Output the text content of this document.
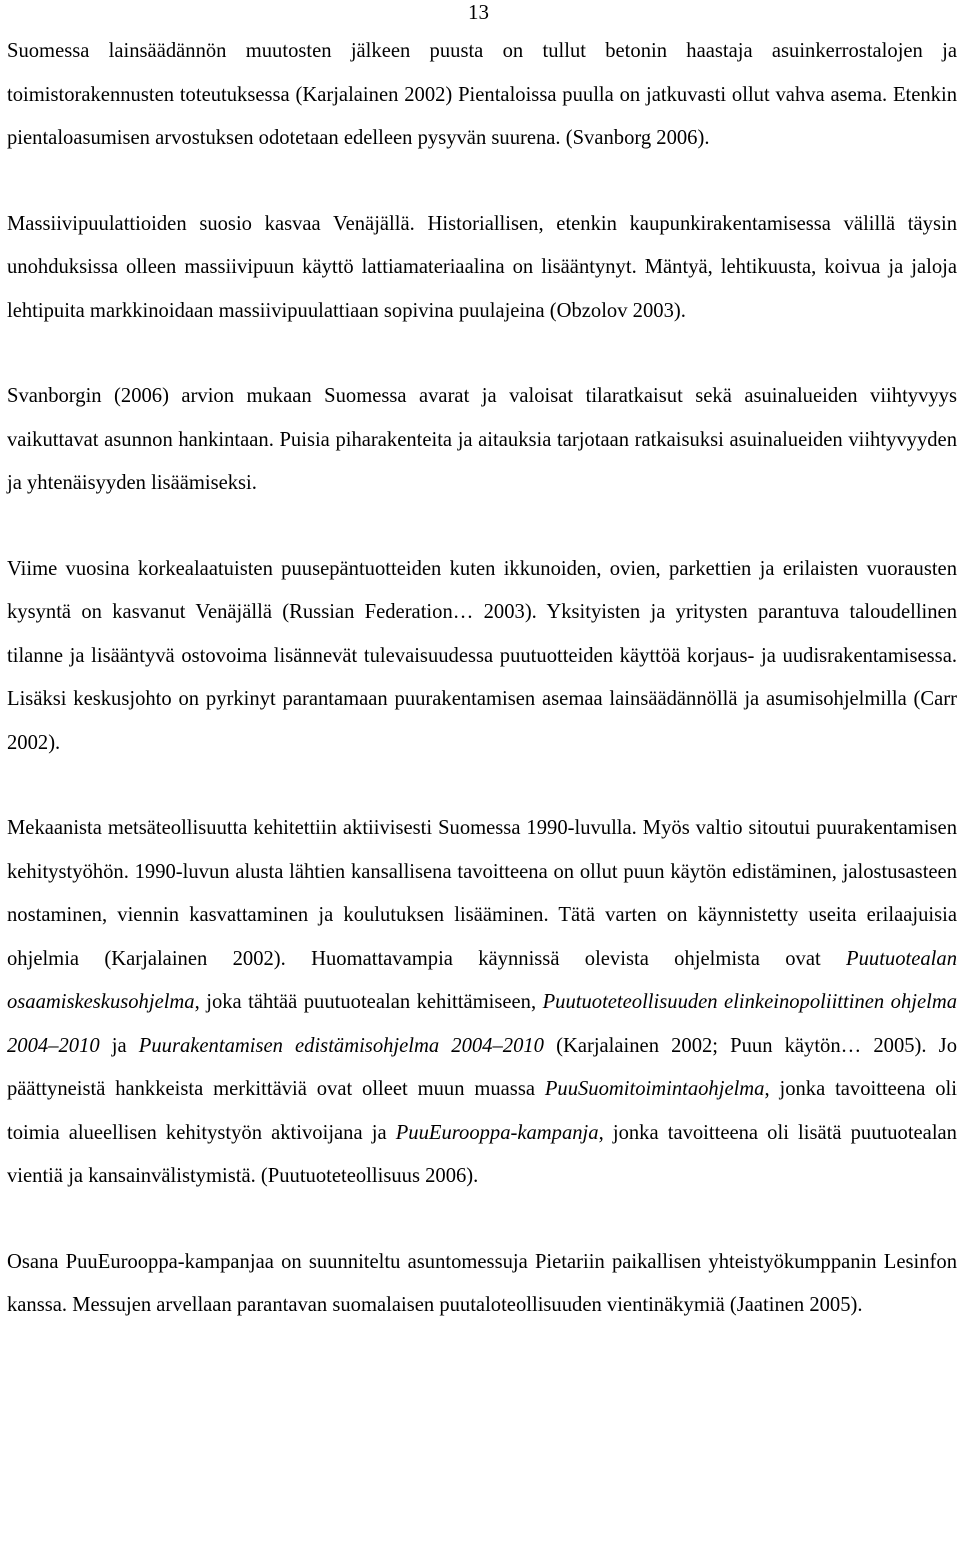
13

Suomessa lainsäädännön muutosten jälkeen puusta on tullut betonin haastaja asuinkerrostalojen ja toimistorakennusten toteutuksessa (Karjalainen 2002) Pientaloissa puulla on jatkuvasti ollut vahva asema. Etenkin pientaloasumisen arvostuksen odotetaan edelleen pysyvän suurena. (Svanborg 2006).

Massiivipuulattioiden suosio kasvaa Venäjällä. Historiallisen, etenkin kaupunkirakentamisessa välillä täysin unohduksissa olleen massiivipuun käyttö lattiamateriaalina on lisääntynyt. Mäntyä, lehtikuusta, koivua ja jaloja lehtipuita markkinoidaan massiivipuulattiaan sopivina puulajeina (Obzolov 2003).

Svanborgin (2006) arvion mukaan Suomessa avarat ja valoisat tilaratkaisut sekä asuinalueiden viihtyvyys vaikuttavat asunnon hankintaan. Puisia piharakenteita ja aitauksia tarjotaan ratkaisuksi asuinalueiden viihtyvyyden ja yhtenäisyyden lisäämiseksi.

Viime vuosina korkealaatuisten puusepäntuotteiden kuten ikkunoiden, ovien, parkettien ja erilaisten vuorausten kysyntä on kasvanut Venäjällä (Russian Federation… 2003). Yksityisten ja yritysten parantuva taloudellinen tilanne ja lisääntyvä ostovoima lisännevät tulevaisuudessa puutuotteiden käyttöä korjaus- ja uudisrakentamisessa. Lisäksi keskusjohto on pyrkinyt parantamaan puurakentamisen asemaa lainsäädännöllä ja asumisohjelmilla (Carr 2002).

Mekaanista metsäteollisuutta kehitettiin aktiivisesti Suomessa 1990-luvulla. Myös valtio sitoutui puurakentamisen kehitystyöhön. 1990-luvun alusta lähtien kansallisena tavoitteena on ollut puun käytön edistäminen, jalostusasteen nostaminen, viennin kasvattaminen ja koulutuksen lisääminen. Tätä varten on käynnistetty useita erilaajuisia ohjelmia (Karjalainen 2002). Huomattavampia käynnissä olevista ohjelmista ovat Puutuotealan osaamiskeskusohjelma, joka tähtää puutuotealan kehittämiseen, Puutuoteteollisuuden elinkeinopoliittinen ohjelma 2004–2010 ja Puurakentamisen edistämisohjelma 2004–2010 (Karjalainen 2002; Puun käytön… 2005). Jo päättyneistä hankkeista merkittäviä ovat olleet muun muassa PuuSuomitoimintaohjelma, jonka tavoitteena oli toimia alueellisen kehitystyön aktivoijana ja PuuEurooppa-kampanja, jonka tavoitteena oli lisätä puutuotealan vientiä ja kansainvälistymistä. (Puutuoteteollisuus 2006).

Osana PuuEurooppa-kampanjaa on suunniteltu asuntomessuja Pietariin paikallisen yhteistyökumppanin Lesinfon kanssa. Messujen arvellaan parantavan suomalaisen puutaloteollisuuden vientinäkymiä (Jaatinen 2005).
